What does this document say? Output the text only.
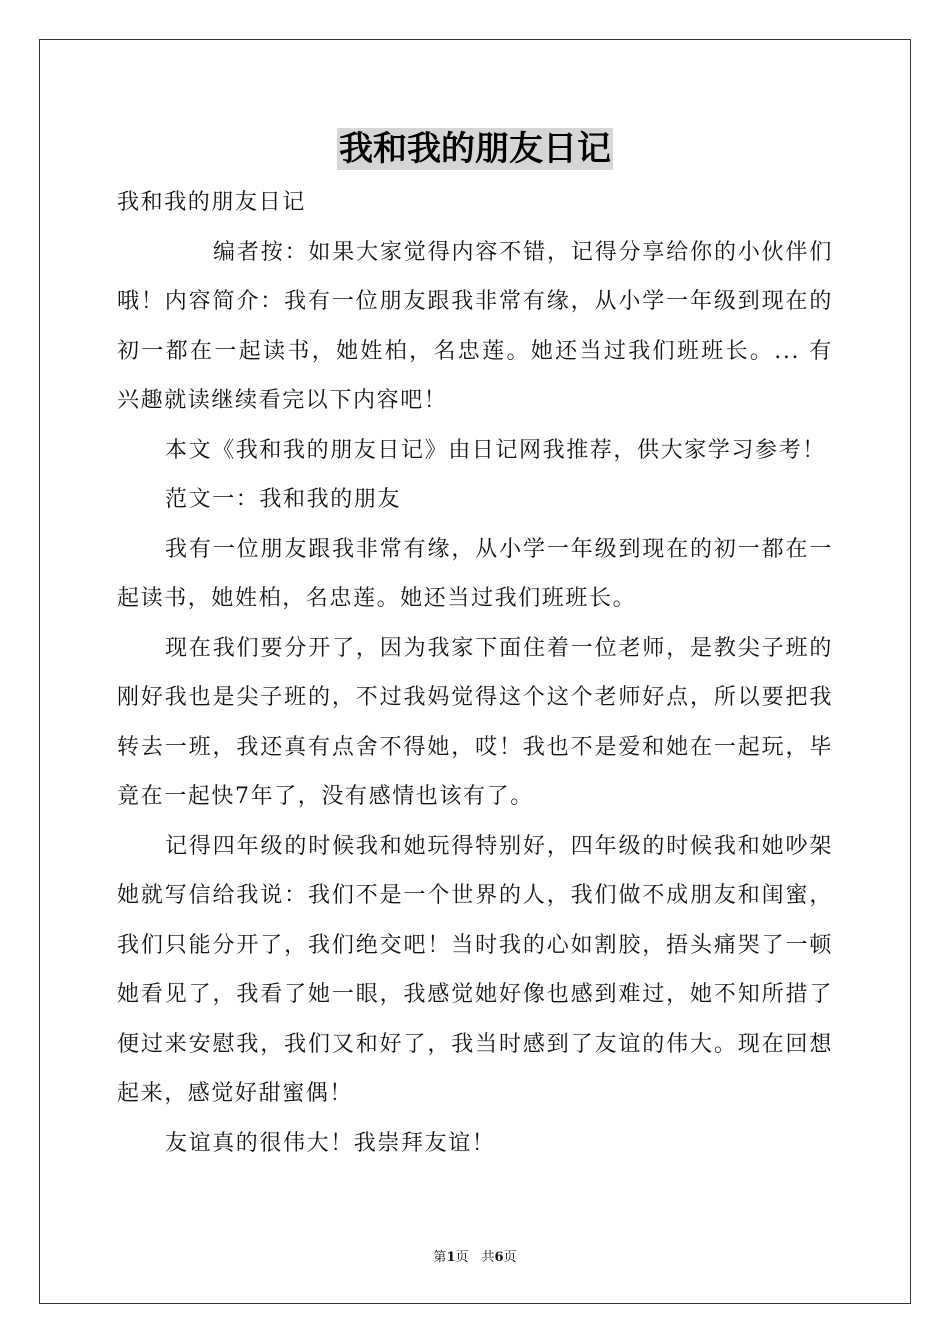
我和我的朋友日记

我和我的朋友日记

编者按：如果大家觉得内容不错，记得分享给你的小伙伴们哦！内容简介：我有一位朋友跟我非常有缘，从小学一年级到现在的初一都在一起读书，她姓柏，名忠莲。她还当过我们班班长。... 有兴趣就读继续看完以下内容吧！

本文《我和我的朋友日记》由日记网我推荐，供大家学习参考！

范文一：我和我的朋友

我有一位朋友跟我非常有缘，从小学一年级到现在的初一都在一起读书，她姓柏，名忠莲。她还当过我们班班长。

现在我们要分开了，因为我家下面住着一位老师，是教尖子班的刚好我也是尖子班的，不过我妈觉得这个这个老师好点，所以要把我转去一班，我还真有点舍不得她，哎！我也不是爱和她在一起玩，毕竟在一起快7年了，没有感情也该有了。

记得四年级的时候我和她玩得特别好，四年级的时候我和她吵架她就写信给我说：我们不是一个世界的人，我们做不成朋友和闺蜜，我们只能分开了，我们绝交吧！当时我的心如割胶，捂头痛哭了一顿她看见了，我看了她一眼，我感觉她好像也感到难过，她不知所措了便过来安慰我，我们又和好了，我当时感到了友谊的伟大。现在回想起来，感觉好甜蜜偶！

友谊真的很伟大！我崇拜友谊！

第1页　共6页
